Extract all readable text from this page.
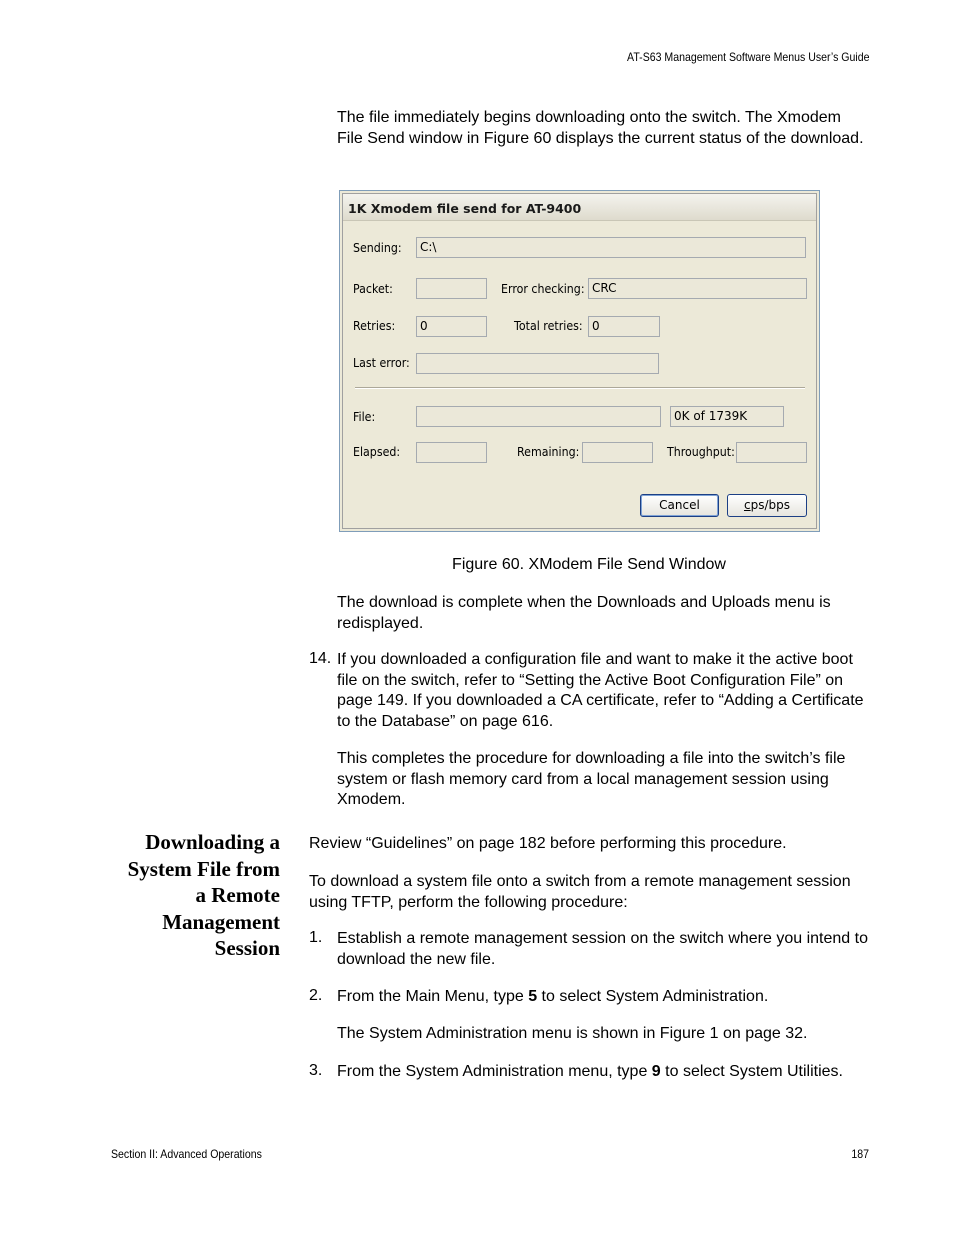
AT-S63 Management Software Menus User’s Guide
The file immediately begins downloading onto the switch. The Xmodem File Send window in Figure 60 displays the current status of the download.
1K Xmodem file send for AT-9400
Sending:	C:\
Packet:	Error checking: CRC
Retries:	0	Total retries: 0
Last error:
File:	0K of 1739K
Elapsed:	Remaining:	Throughput:
Cancel	cps/bps
Figure 60. XModem File Send Window
The download is complete when the Downloads and Uploads menu is redisplayed.
14. If you downloaded a configuration file and want to make it the active boot file on the switch, refer to “Setting the Active Boot Configuration File” on page 149. If you downloaded a CA certificate, refer to “Adding a Certificate to the Database” on page 616.
This completes the procedure for downloading a file into the switch’s file system or flash memory card from a local management session using Xmodem.
Downloading a
System File from
a Remote
Management
Session
Review “Guidelines” on page 182 before performing this procedure.
To download a system file onto a switch from a remote management session using TFTP, perform the following procedure:
1. Establish a remote management session on the switch where you intend to download the new file.
2. From the Main Menu, type 5 to select System Administration.
The System Administration menu is shown in Figure 1 on page 32.
3. From the System Administration menu, type 9 to select System Utilities.
Section II: Advanced Operations	187
